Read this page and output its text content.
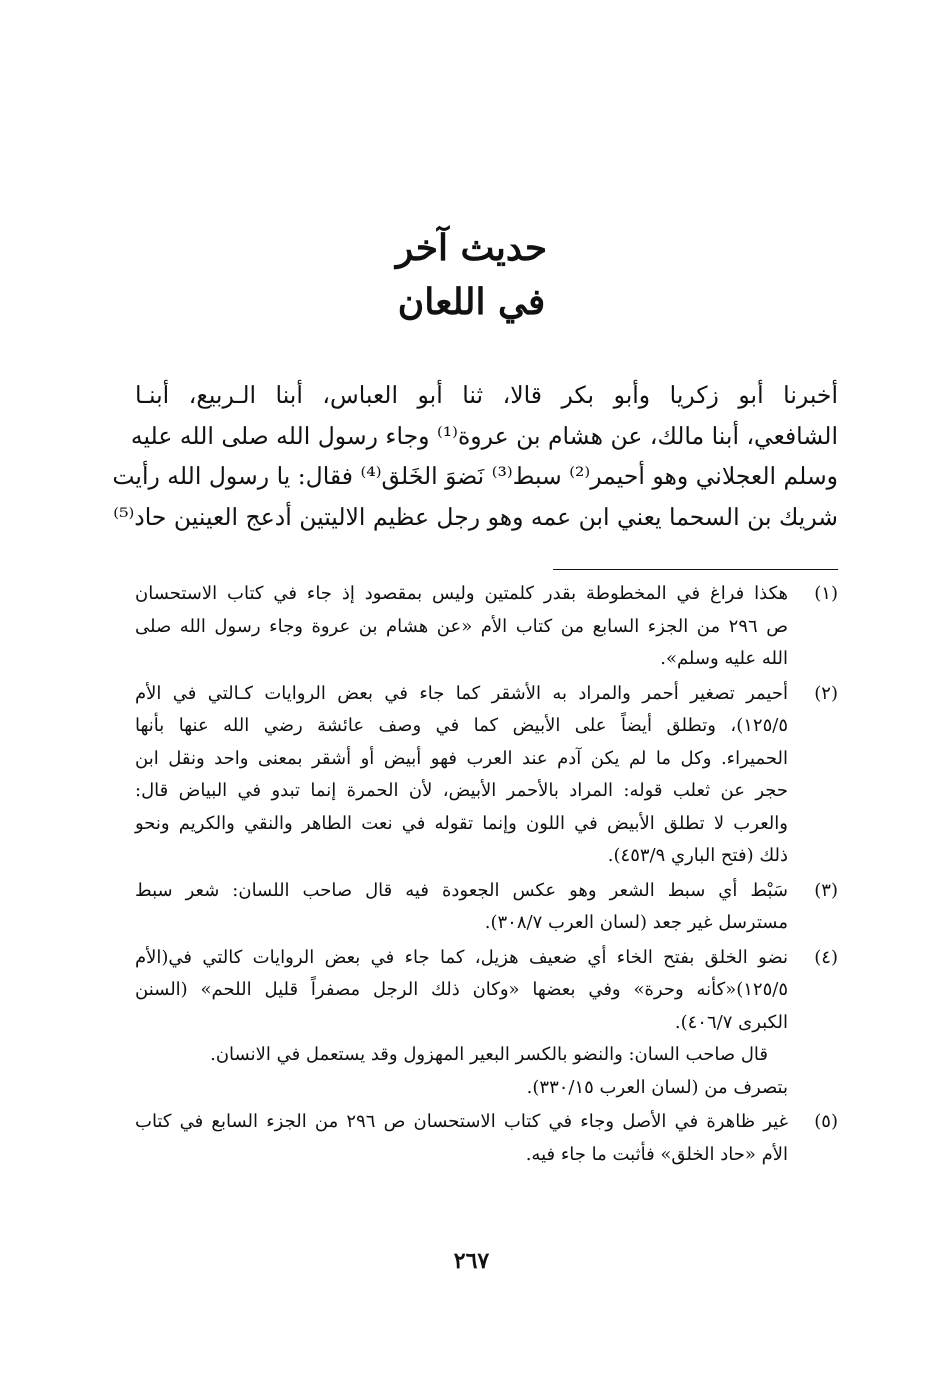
حديث آخر
في اللعان
أخبرنا أبو زكريا وأبو بكر قالا، ثنا أبو العباس، أبنا الـربيع، أبنـا
الشافعي، أبنا مالك، عن هشام بن عروة⁽¹⁾ وجاء رسول الله صلى الله عليه
وسلم العجلاني وهو أحيمر⁽²⁾ سبط⁽³⁾ نَضوَ الخَلق⁽⁴⁾ فقال: يا رسول الله رأيت
شريك بن السحما يعني ابن عمه وهو رجل عظيم الاليتين أدعج العينين حاد⁽⁵⁾
(١)
هكذا فراغ في المخطوطة بقدر كلمتين وليس بمقصود إذ جاء في كتاب الاستحسان
ص ٢٩٦ من الجزء السابع من كتاب الأم «عن هشام بن عروة وجاء رسول الله صلى
الله عليه وسلم».
(٢)
أحيمر تصغير أحمر والمراد به الأشقر كما جاء في بعض الروايات كـالتي في الأم
١٢٥/٥)، وتطلق أيضاً على الأبيض كما في وصف عائشة رضي الله عنها بأنها
الحميراء. وكل ما لم يكن آدم عند العرب فهو أبيض أو أشقر بمعنى واحد ونقل ابن
حجر عن ثعلب قوله: المراد بالأحمر الأبيض، لأن الحمرة إنما تبدو في البياض قال:
والعرب لا تطلق الأبيض في اللون وإنما تقوله في نعت الطاهر والنقي والكريم ونحو
ذلك (فتح الباري ٤٥٣/٩).
(٣)
سَبْط أي سبط الشعر وهو عكس الجعودة فيه قال صاحب اللسان: شعر سبط
مسترسل غير جعد (لسان العرب ٣٠٨/٧).
(٤)
نضو الخلق بفتح الخاء أي ضعيف هزيل، كما جاء في بعض الروايات كالتي في(الأم
١٢٥/٥)«كأنه وحرة» وفي بعضها «وكان ذلك الرجل مصفراً قليل اللحم» (السنن
الكبرى ٤٠٦/٧).
قال صاحب السان: والنضو بالكسر البعير المهزول وقد يستعمل في الانسان.
بتصرف من (لسان العرب ٣٣٠/١٥).
(٥)
غير ظاهرة في الأصل وجاء في كتاب الاستحسان ص ٢٩٦ من الجزء السابع في كتاب
الأم «حاد الخلق» فأثبت ما جاء فيه.
٢٦٧
